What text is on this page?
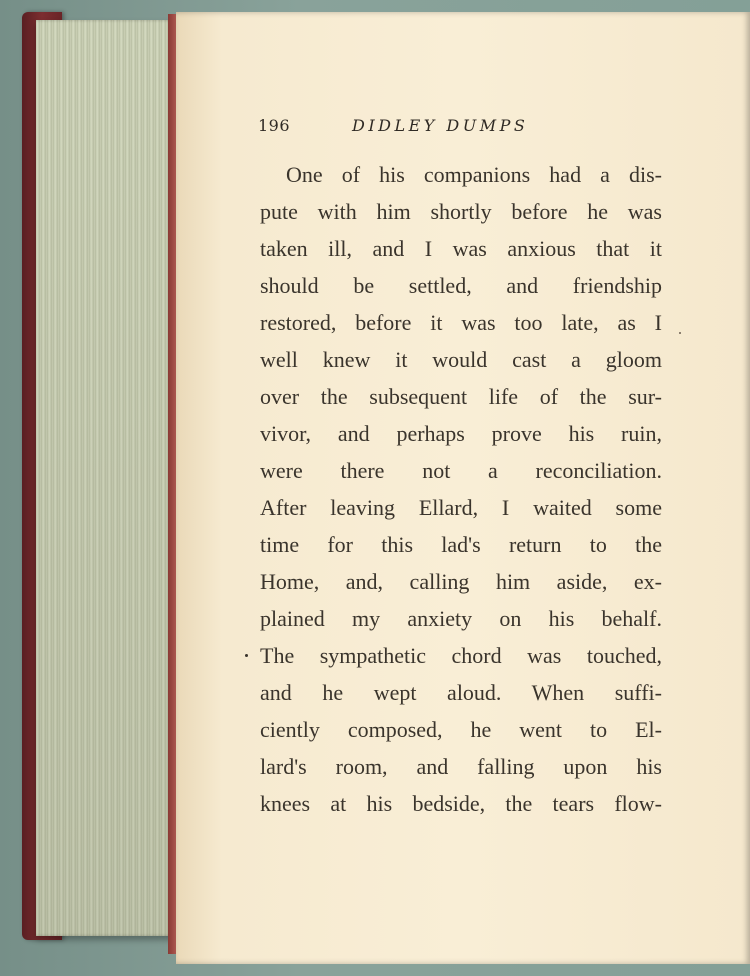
196	DIDLEY DUMPS
One of his companions had a dis-
pute with him shortly before he was
taken ill, and I was anxious that it
should be settled, and friendship
restored, before it was too late, as I
well knew it would cast a gloom
over the subsequent life of the sur-
vivor, and perhaps prove his ruin,
were there not a reconciliation.
After leaving Ellard, I waited some
time for this lad's return to the
Home, and, calling him aside, ex-
plained my anxiety on his behalf.
The sympathetic chord was touched,
and he wept aloud. When suffi-
ciently composed, he went to El-
lard's room, and falling upon his
knees at his bedside, the tears flow-
